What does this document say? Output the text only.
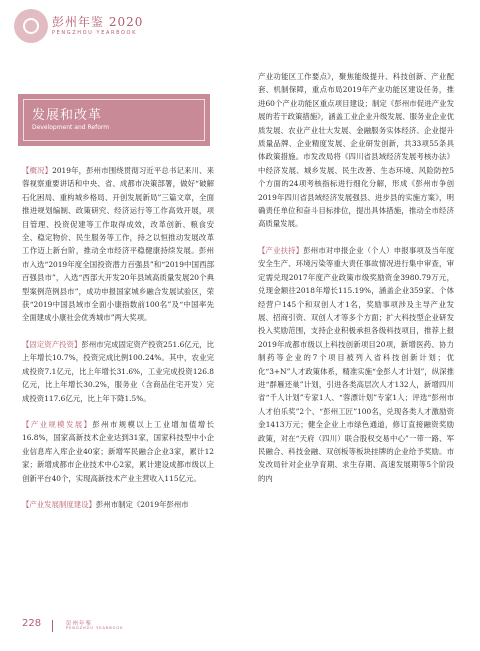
彭州年鉴 2020
PENGZHOU YEARBOOK
发展和改革
Development and Reform

【概况】2019年，彭州市围绕贯彻习近平总书记来川、来蓉视察重要讲话和中央、省、成都市决策部署，做好“破解石化困局、重构城乡格局、开创发展新局”三篇文章，全面推进规划编制、政策研究、经济运行等工作高效开展，项目管理、投资促建等工作取得成效，改革创新、粮食安全、稳定物价、民生服务等工作，持之以恒推动发展改革工作迈上新台阶，推动全市经济平稳健康持续发展。彭州市入选“2019年度全国投资潜力百强县”和“2019中国西部百强县市”，入选“西部大开发20年县域高质量发展20个典型案例范例县市”，成功申报国家城乡融合发展试验区，荣获“2019中国县域市全面小康指数前100名”及“中国率先全面建成小康社会优秀城市”两大奖项。

【固定资产投资】彭州市完成固定资产投资251.6亿元，比上年增长10.7%，投资完成比例100.24%。其中，农业完成投资7.1亿元，比上年增长31.6%，工业完成投资126.8亿元，比上年增长30.2%，服务业（含商品住宅开发）完成投资117.6亿元，比上年下降1.5%。

【产业规模发展】彭州市规模以上工业增加值增长16.8%，国家高新技术企业达到31家，国家科技型中小企业信息库入库企业40家；新增军民融合企业3家，累计12家；新增成都市企业技术中心2家，累计建设成都市级以上创新平台40个，实现高新技术产业主营收入115亿元。

【产业发展制度建设】彭州市制定《2019年彭州市

产业功能区工作要点》，聚焦能级提升、科技创新、产业配套、机制保障，重点布局2019年产业功能区建设任务，推进60个产业功能区重点项目建设；制定《彭州市促进产业发展的若干政策措施》，涵盖工业企业升级发展、服务业企业优质发展、农业产业壮大发展、金融服务实体经济、企业提升质量品牌、企业精度发展、企业研发创新，共33项55条具体政策措施。市发改局将《四川省县域经济发展考核办法》中经济发展、城乡发展、民生改善、生态环境、风险防控5个方面的24项考核指标进行细化分解，形成《彭州市争创2019年四川省县域经济发展强县、进步县的实施方案》，明确责任单位和奋斗目标排位，提出具体措施，推动全市经济高质量发展。

【产业扶持】彭州市对申报企业（个人）申报事项及当年度安全生产、环境污染等重大责任事故情况进行集中审查，审定需兑现2017年度产业政策市级奖励资金3980.79万元，兑现金额往2018年增长115.19%，涵盖企业359家、个体经营户145个和双创人才1名，奖励事项涉及主导产业发展、招商引资、双创人才等多个方面；扩大科技型企业研发投入奖励范围，支持企业积极承担各级科技项目，推荐上报2019年成都市级以上科技创新项目20项，新增医药、协力制药等企业的7个项目被列入省科技创新计划；优化“3+N”人才政策体系，精准实施“金彭人才计划”，纵深推进“群雁还巢”计划，引进各类高层次人才132人，新增四川省“千人计划”专家1人、“蓉漂计划”专家1人；评选“彭州市人才伯乐奖”2个、“彭州工匠”100名，兑现各类人才激励资金1413万元；健全企业上市绿色通道，修订直接融资奖励政策，对在“天府（四川）联合股权交易中心”一带一路、军民融合、科技金融、双创板等板块挂牌的企业给予奖励。市发改局针对企业孕育期、求生存期、高速发展期等5个阶段的内

228	彭州年鉴
PENGZHOU YEARBOOK
